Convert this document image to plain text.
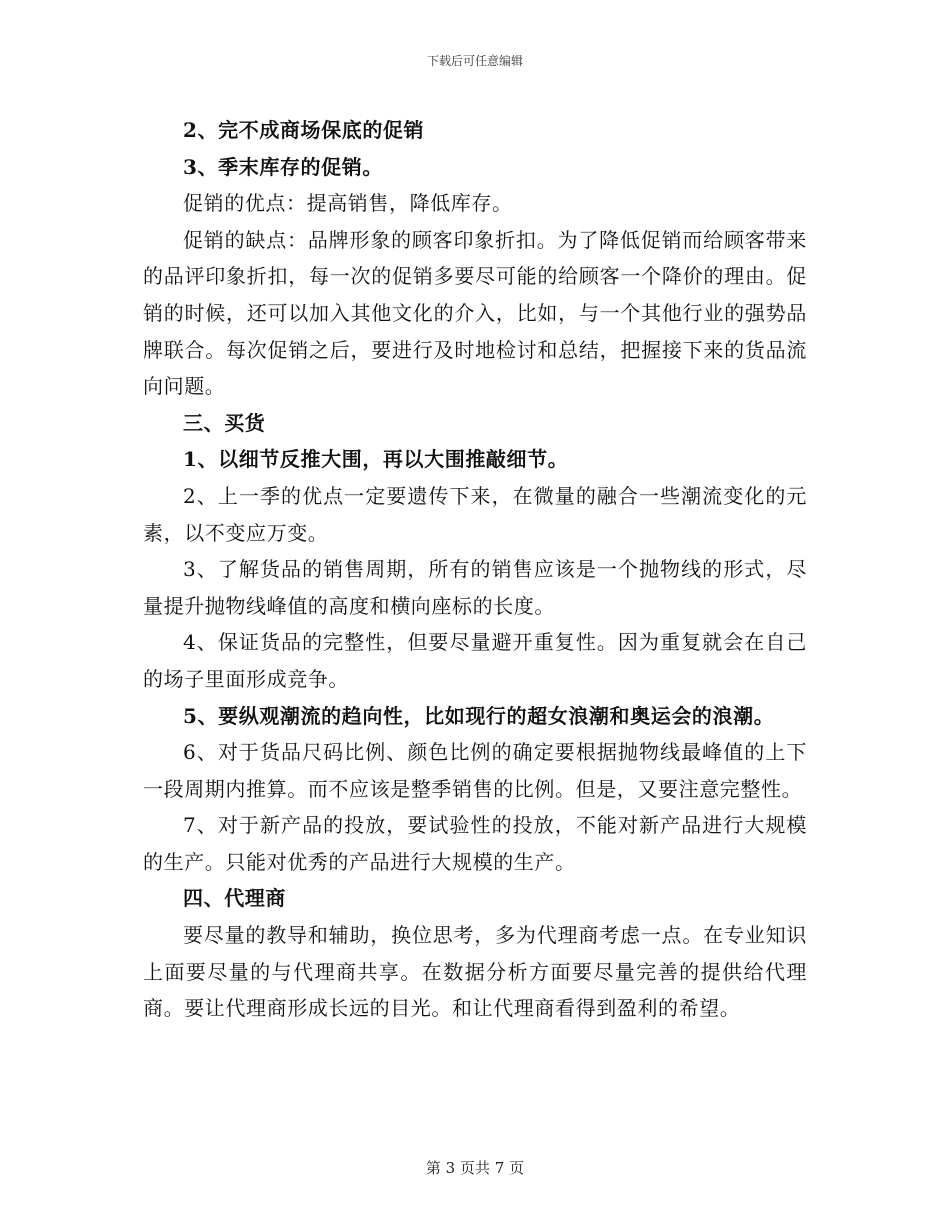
下载后可任意编辑

2、完不成商场保底的促销

3、季末库存的促销。

促销的优点：提高销售，降低库存。

促销的缺点：品牌形象的顾客印象折扣。为了降低促销而给顾客带来的品评印象折扣，每一次的促销多要尽可能的给顾客一个降价的理由。促销的时候，还可以加入其他文化的介入，比如，与一个其他行业的强势品牌联合。每次促销之后，要进行及时地检讨和总结，把握接下来的货品流向问题。

三、买货

1、以细节反推大围，再以大围推敲细节。

2、上一季的优点一定要遗传下来，在微量的融合一些潮流变化的元素，以不变应万变。

3、了解货品的销售周期，所有的销售应该是一个抛物线的形式，尽量提升抛物线峰值的高度和横向座标的长度。

4、保证货品的完整性，但要尽量避开重复性。因为重复就会在自己的场子里面形成竞争。

5、要纵观潮流的趋向性，比如现行的超女浪潮和奥运会的浪潮。

6、对于货品尺码比例、颜色比例的确定要根据抛物线最峰值的上下一段周期内推算。而不应该是整季销售的比例。但是，又要注意完整性。

7、对于新产品的投放，要试验性的投放，不能对新产品进行大规模的生产。只能对优秀的产品进行大规模的生产。

四、代理商

要尽量的教导和辅助，换位思考，多为代理商考虑一点。在专业知识上面要尽量的与代理商共享。在数据分析方面要尽量完善的提供给代理商。要让代理商形成长远的目光。和让代理商看得到盈利的希望。

第 3 页共 7 页
